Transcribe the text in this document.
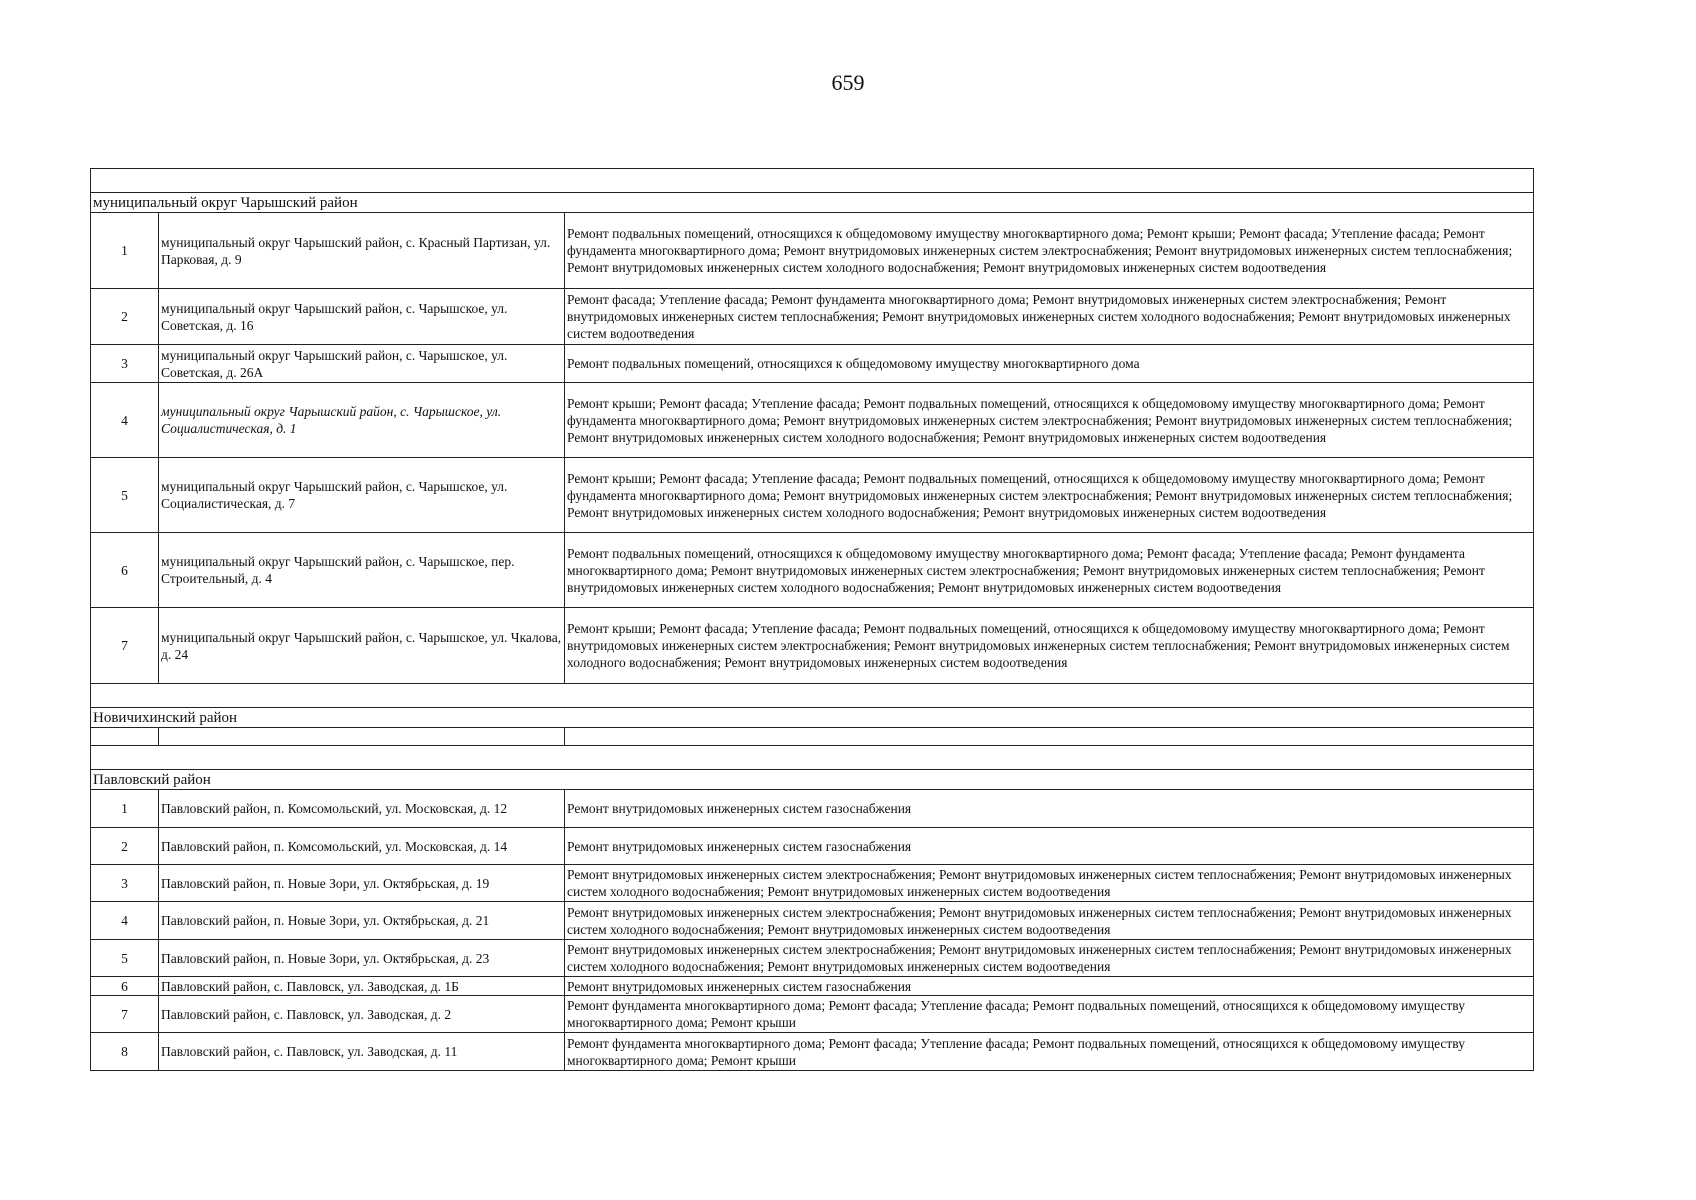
659

муниципальный округ Чарышский район		
1	муниципальный округ Чарышский район, с. Красный Партизан, ул. Парковая, д. 9	Ремонт подвальных помещений, относящихся к общедомовому имуществу многоквартирного дома; Ремонт крыши; Ремонт фасада; Утепление фасада; Ремонт фундамента многоквартирного дома; Ремонт внутридомовых инженерных систем электроснабжения; Ремонт внутридомовых инженерных систем теплоснабжения; Ремонт внутридомовых инженерных систем холодного водоснабжения; Ремонт внутридомовых инженерных систем водоотведения
2	муниципальный округ Чарышский район, с. Чарышское, ул. Советская, д. 16	Ремонт фасада; Утепление фасада; Ремонт фундамента многоквартирного дома; Ремонт внутридомовых инженерных систем электроснабжения; Ремонт внутридомовых инженерных систем теплоснабжения; Ремонт внутридомовых инженерных систем холодного водоснабжения; Ремонт внутридомовых инженерных систем водоотведения
3	муниципальный округ Чарышский район, с. Чарышское, ул. Советская, д. 26А	Ремонт подвальных помещений, относящихся к общедомовому имуществу многоквартирного дома
4	муниципальный округ Чарышский район, с. Чарышское, ул. Социалистическая, д. 1	Ремонт крыши; Ремонт фасада; Утепление фасада; Ремонт подвальных помещений, относящихся к общедомовому имуществу многоквартирного дома; Ремонт фундамента многоквартирного дома; Ремонт внутридомовых инженерных систем электроснабжения; Ремонт внутридомовых инженерных систем теплоснабжения; Ремонт внутридомовых инженерных систем холодного водоснабжения; Ремонт внутридомовых инженерных систем водоотведения
5	муниципальный округ Чарышский район, с. Чарышское, ул. Социалистическая, д. 7	Ремонт крыши; Ремонт фасада; Утепление фасада; Ремонт подвальных помещений, относящихся к общедомовому имуществу многоквартирного дома; Ремонт фундамента многоквартирного дома; Ремонт внутридомовых инженерных систем электроснабжения; Ремонт внутридомовых инженерных систем теплоснабжения; Ремонт внутридомовых инженерных систем холодного водоснабжения; Ремонт внутридомовых инженерных систем водоотведения
6	муниципальный округ Чарышский район, с. Чарышское, пер. Строительный, д. 4	Ремонт подвальных помещений, относящихся к общедомовому имуществу многоквартирного дома; Ремонт фасада; Утепление фасада; Ремонт фундамента многоквартирного дома; Ремонт внутридомовых инженерных систем электроснабжения; Ремонт внутридомовых инженерных систем теплоснабжения; Ремонт внутридомовых инженерных систем холодного водоснабжения; Ремонт внутридомовых инженерных систем водоотведения
7	муниципальный округ Чарышский район, с. Чарышское, ул. Чкалова, д. 24	Ремонт крыши; Ремонт фасада; Утепление фасада; Ремонт подвальных помещений, относящихся к общедомовому имуществу многоквартирного дома; Ремонт внутридомовых инженерных систем электроснабжения; Ремонт внутридомовых инженерных систем теплоснабжения; Ремонт внутридомовых инженерных систем холодного водоснабжения; Ремонт внутридомовых инженерных систем водоотведения

Новичихинский район		

Павловский район		
1	Павловский район, п. Комсомольский, ул. Московская, д. 12	Ремонт внутридомовых инженерных систем газоснабжения
2	Павловский район, п. Комсомольский, ул. Московская, д. 14	Ремонт внутридомовых инженерных систем газоснабжения
3	Павловский район, п. Новые Зори, ул. Октябрьская, д. 19	Ремонт внутридомовых инженерных систем электроснабжения; Ремонт внутридомовых инженерных систем теплоснабжения; Ремонт внутридомовых инженерных систем холодного водоснабжения; Ремонт внутридомовых инженерных систем водоотведения
4	Павловский район, п. Новые Зори, ул. Октябрьская, д. 21	Ремонт внутридомовых инженерных систем электроснабжения; Ремонт внутридомовых инженерных систем теплоснабжения; Ремонт внутридомовых инженерных систем холодного водоснабжения; Ремонт внутридомовых инженерных систем водоотведения
5	Павловский район, п. Новые Зори, ул. Октябрьская, д. 23	Ремонт внутридомовых инженерных систем электроснабжения; Ремонт внутридомовых инженерных систем теплоснабжения; Ремонт внутридомовых инженерных систем холодного водоснабжения; Ремонт внутридомовых инженерных систем водоотведения
6	Павловский район, с. Павловск, ул. Заводская, д. 1Б	Ремонт внутридомовых инженерных систем газоснабжения
7	Павловский район, с. Павловск, ул. Заводская, д. 2	Ремонт фундамента многоквартирного дома; Ремонт фасада; Утепление фасада; Ремонт подвальных помещений, относящихся к общедомовому имуществу многоквартирного дома; Ремонт крыши
8	Павловский район, с. Павловск, ул. Заводская, д. 11	Ремонт фундамента многоквартирного дома; Ремонт фасада; Утепление фасада; Ремонт подвальных помещений, относящихся к общедомовому имуществу многоквартирного дома; Ремонт крыши
